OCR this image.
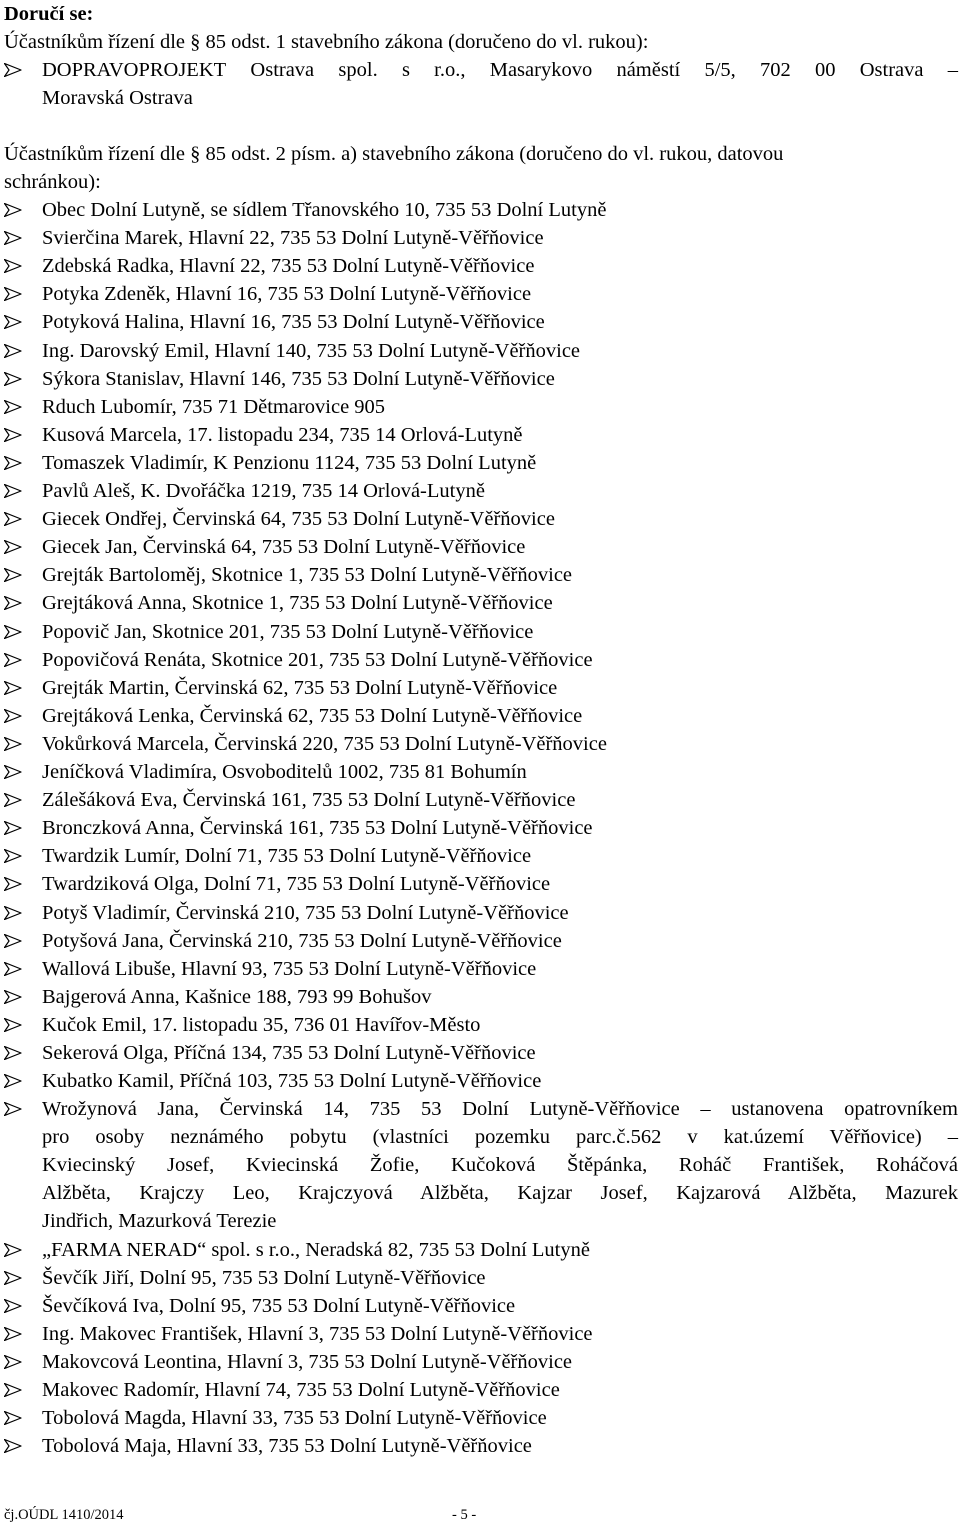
Doručí se:
Účastníkům řízení dle § 85 odst. 1 stavebního zákona (doručeno do vl. rukou):
DOPRAVOPROJEKT Ostrava spol. s r.o., Masarykovo náměstí 5/5, 702 00 Ostrava –
Moravská Ostrava
Účastníkům řízení dle § 85 odst. 2 písm. a) stavebního zákona (doručeno do vl. rukou, datovou
schránkou):
Obec Dolní Lutyně, se sídlem Třanovského 10, 735 53 Dolní Lutyně
Svierčina Marek, Hlavní 22, 735 53 Dolní Lutyně-Věřňovice
Zdebská Radka, Hlavní 22, 735 53 Dolní Lutyně-Věřňovice
Potyka Zdeněk, Hlavní 16, 735 53 Dolní Lutyně-Věřňovice
Potyková Halina, Hlavní 16, 735 53 Dolní Lutyně-Věřňovice
Ing. Darovský Emil, Hlavní 140, 735 53 Dolní Lutyně-Věřňovice
Sýkora Stanislav, Hlavní 146, 735 53 Dolní Lutyně-Věřňovice
Rduch Lubomír, 735 71 Dětmarovice 905
Kusová Marcela, 17. listopadu 234, 735 14 Orlová-Lutyně
Tomaszek Vladimír, K Penzionu 1124, 735 53 Dolní Lutyně
Pavlů Aleš, K. Dvořáčka 1219, 735 14 Orlová-Lutyně
Giecek Ondřej, Červinská 64, 735 53 Dolní Lutyně-Věřňovice
Giecek Jan, Červinská 64, 735 53 Dolní Lutyně-Věřňovice
Grejták Bartoloměj, Skotnice 1, 735 53 Dolní Lutyně-Věřňovice
Grejtáková Anna, Skotnice 1, 735 53 Dolní Lutyně-Věřňovice
Popovič Jan, Skotnice 201, 735 53 Dolní Lutyně-Věřňovice
Popovičová Renáta, Skotnice 201, 735 53 Dolní Lutyně-Věřňovice
Grejták Martin, Červinská 62, 735 53 Dolní Lutyně-Věřňovice
Grejtáková Lenka, Červinská 62, 735 53 Dolní Lutyně-Věřňovice
Vokůrková Marcela, Červinská 220, 735 53 Dolní Lutyně-Věřňovice
Jeníčková Vladimíra, Osvoboditelů 1002, 735 81 Bohumín
Zálešáková Eva, Červinská 161, 735 53 Dolní Lutyně-Věřňovice
Bronczková Anna, Červinská 161, 735 53 Dolní Lutyně-Věřňovice
Twardzik Lumír, Dolní 71, 735 53 Dolní Lutyně-Věřňovice
Twardziková Olga, Dolní 71, 735 53 Dolní Lutyně-Věřňovice
Potyš Vladimír, Červinská 210, 735 53 Dolní Lutyně-Věřňovice
Potyšová Jana, Červinská 210, 735 53 Dolní Lutyně-Věřňovice
Wallová Libuše, Hlavní 93, 735 53 Dolní Lutyně-Věřňovice
Bajgerová Anna, Kašnice 188, 793 99 Bohušov
Kučok Emil, 17. listopadu 35, 736 01 Havířov-Město
Sekerová Olga, Příčná 134, 735 53 Dolní Lutyně-Věřňovice
Kubatko Kamil, Příčná 103, 735 53 Dolní Lutyně-Věřňovice
Wrožynová Jana, Červinská 14, 735 53 Dolní Lutyně-Věřňovice – ustanovena opatrovníkem
pro osoby neznámého pobytu (vlastníci pozemku parc.č.562 v kat.území Věřňovice) –
Kviecinský Josef, Kviecinská Žofie, Kučoková Štěpánka, Roháč František, Roháčová
Alžběta, Krajczy Leo, Krajczyová Alžběta, Kajzar Josef, Kajzarová Alžběta, Mazurek
Jindřich, Mazurková Terezie
„FARMA NERAD“ spol. s r.o., Neradská 82, 735 53 Dolní Lutyně
Ševčík Jiří, Dolní 95, 735 53 Dolní Lutyně-Věřňovice
Ševčíková Iva, Dolní 95, 735 53 Dolní Lutyně-Věřňovice
Ing. Makovec František, Hlavní 3, 735 53 Dolní Lutyně-Věřňovice
Makovcová Leontina, Hlavní 3, 735 53 Dolní Lutyně-Věřňovice
Makovec Radomír, Hlavní 74, 735 53 Dolní Lutyně-Věřňovice
Tobolová Magda, Hlavní 33, 735 53 Dolní Lutyně-Věřňovice
Tobolová Maja, Hlavní 33, 735 53 Dolní Lutyně-Věřňovice
čj.OÚDL 1410/2014	- 5 -
